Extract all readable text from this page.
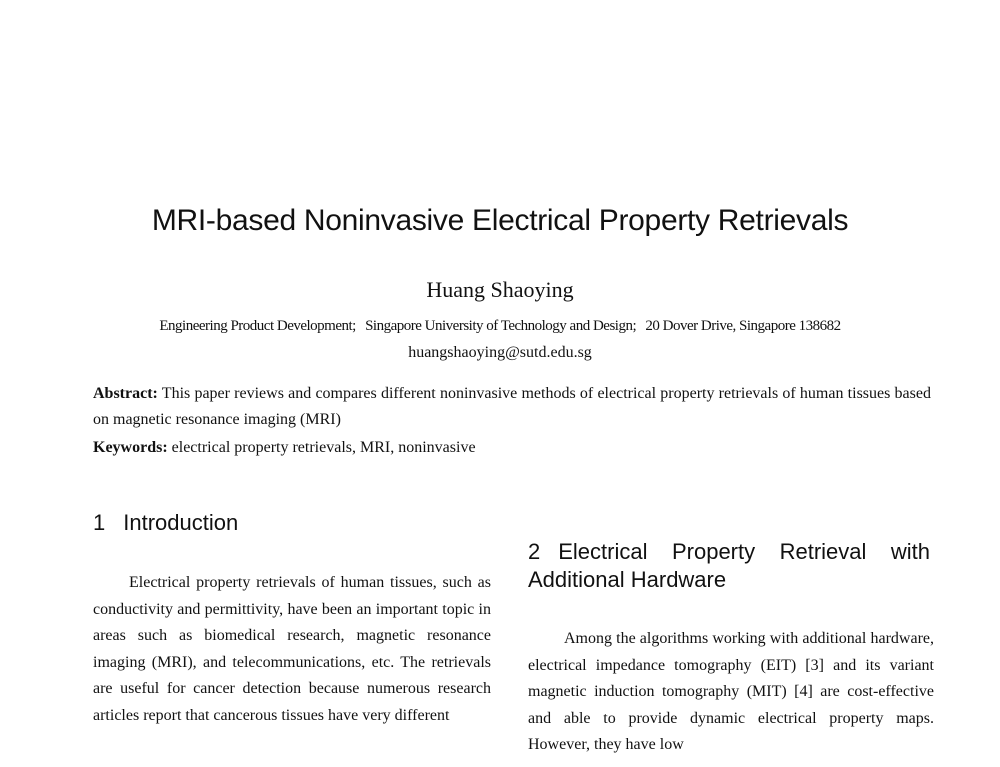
MRI-based Noninvasive Electrical Property Retrievals
Huang Shaoying
Engineering Product Development; Singapore University of Technology and Design; 20 Dover Drive, Singapore 138682
huangshaoying@sutd.edu.sg
Abstract: This paper reviews and compares different noninvasive methods of electrical property retrievals of human tissues based on magnetic resonance imaging (MRI)
Keywords: electrical property retrievals, MRI, noninvasive
1 Introduction

Electrical property retrievals of human tissues, such as conductivity and permittivity, have been an important topic in areas such as biomedical research, magnetic resonance imaging (MRI), and telecommunications, etc. The retrievals are useful for cancer detection because numerous research articles report that cancerous tissues have very different

2 Electrical Property Retrieval with Additional Hardware

Among the algorithms working with additional hardware, electrical impedance tomography (EIT) [3] and its variant magnetic induction tomography (MIT) [4] are cost-effective and able to provide dynamic electrical property maps. However, they have low
